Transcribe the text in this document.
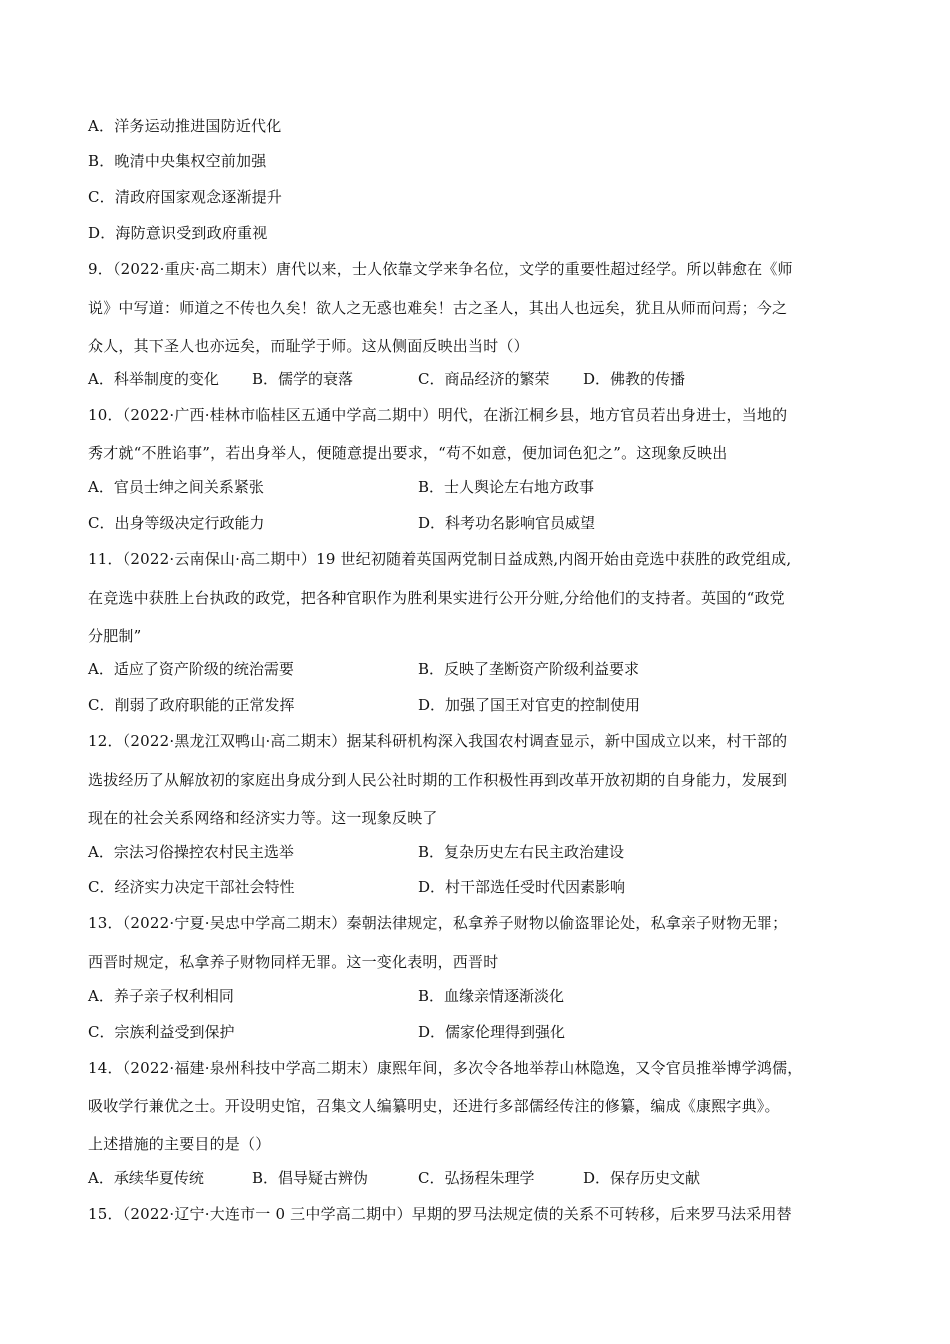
A．洋务运动推进国防近代化
B．晚清中央集权空前加强
C．清政府国家观念逐渐提升
D．海防意识受到政府重视
9．（2022·重庆·高二期末）唐代以来，士人依靠文学来争名位，文学的重要性超过经学。所以韩愈在《师
说》中写道：师道之不传也久矣！欲人之无惑也难矣！古之圣人，其出人也远矣，犹且从师而问焉；今之
众人，其下圣人也亦远矣，而耻学于师。这从侧面反映出当时（）
A．科举制度的变化 B．儒学的衰落	C．商品经济的繁荣 D．佛教的传播
10．（2022·广西·桂林市临桂区五通中学高二期中）明代，在浙江桐乡县，地方官员若出身进士，当地的
秀才就“不胜谄事”，若出身举人，便随意提出要求，“苟不如意，便加词色犯之”。这现象反映出
A．官员士绅之间关系紧张	B．士人舆论左右地方政事
C．出身等级决定行政能力	D．科考功名影响官员威望
11．（2022·云南保山·高二期中）19 世纪初随着英国两党制日益成熟,内阁开始由竞选中获胜的政党组成,
在竞选中获胜上台执政的政党，把各种官职作为胜利果实进行公开分赃,分给他们的支持者。英国的“政党
分肥制”
A．适应了资产阶级的统治需要	B．反映了垄断资产阶级利益要求
C．削弱了政府职能的正常发挥	D．加强了国王对官吏的控制使用
12．（2022·黑龙江双鸭山·高二期末）据某科研机构深入我国农村调查显示，新中国成立以来，村干部的
选拔经历了从解放初的家庭出身成分到人民公社时期的工作积极性再到改革开放初期的自身能力，发展到
现在的社会关系网络和经济实力等。这一现象反映了
A．宗法习俗操控农村民主选举	B．复杂历史左右民主政治建设
C．经济实力决定干部社会特性	D．村干部选任受时代因素影响
13．（2022·宁夏·吴忠中学高二期末）秦朝法律规定，私拿养子财物以偷盗罪论处，私拿亲子财物无罪；
西晋时规定，私拿养子财物同样无罪。这一变化表明，西晋时
A．养子亲子权利相同	B．血缘亲情逐渐淡化
C．宗族利益受到保护	D．儒家伦理得到强化
14．（2022·福建·泉州科技中学高二期末）康熙年间，多次令各地举荐山林隐逸，又令官员推举博学鸿儒，
吸收学行兼优之士。开设明史馆，召集文人编纂明史，还进行多部儒经传注的修纂，编成《康熙字典》。
上述措施的主要目的是（）
A．承续华夏传统	B．倡导疑古辨伪	C．弘扬程朱理学	D．保存历史文献
15．（2022·辽宁·大连市一 0 三中学高二期中）早期的罗马法规定债的关系不可转移，后来罗马法采用替
